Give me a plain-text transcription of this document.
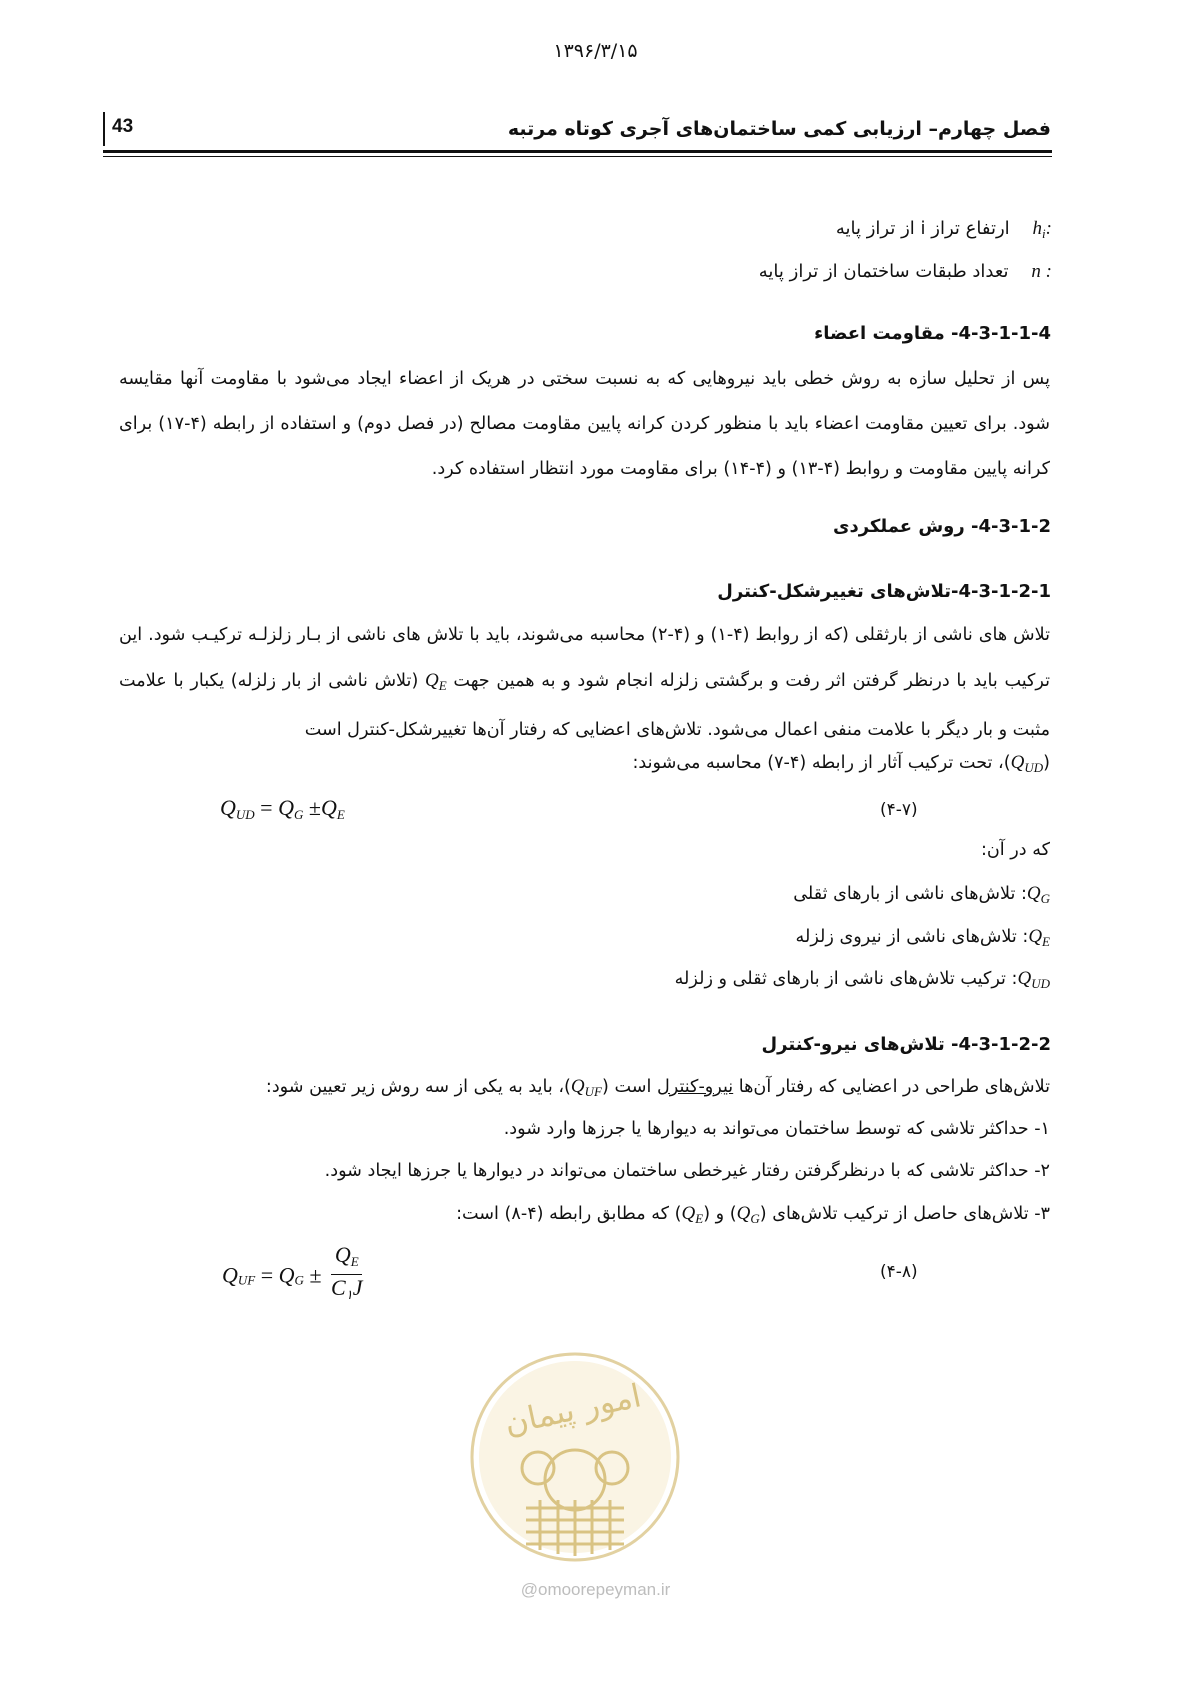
۱۳۹۶/۳/۱۵
43	فصل چهارم– ارزیابی کمی ساختمان‌های آجری کوتاه مرتبه
$h_i$:    ارتفاع تراز i از تراز پایه
n :    تعداد طبقات ساختمان از تراز پایه
4-3-1-1-4- مقاومت اعضاء
پس از تحلیل سازه به روش خطی باید نیروهایی که به نسبت سختی در هریک از اعضاء ایجاد می‌شود با مقاومت آنها مقایسه شود. برای تعیین مقاومت اعضاء باید با منظور کردن کرانه پایین مقاومت مصالح (در فصل دوم) و استفاده از رابطه (۴-۱۷) برای کرانه پایین مقاومت و روابط (۴-۱۳) و (۴-۱۴) برای مقاومت مورد انتظار استفاده کرد.
4-3-1-2- روش عملکردی
4-3-1-2-1-تلاش‌های تغییرشکل-کنترل
تلاش های ناشی از بارثقلی (که از روابط (۴-۱) و (۴-۲) محاسبه می‌شوند، باید با تلاش های ناشی از بـار زلزلـه ترکیـب شود. این ترکیب باید با درنظر گرفتن اثر رفت و برگشتی زلزله انجام شود و به همین جهت $Q_E$ (تلاش ناشی از بار زلزله) یکبار با علامت مثبت و بار دیگر با علامت منفی اعمال می‌شود. تلاش‌های اعضایی که رفتار آن‌ها تغییرشکل-کنترل است
$(Q_{UD})،$ تحت ترکیب آثار از رابطه (۴-۷) محاسبه می‌شوند:
$Q_{UD} = Q_G \pm Q_E$	(۴-۷)
که در آن:
$Q_G$: تلاش‌های ناشی از بارهای ثقلی
$Q_E$: تلاش‌های ناشی از نیروی زلزله
$Q_{UD}$: ترکیب تلاش‌های ناشی از بارهای ثقلی و زلزله
4-3-1-2-2- تلاش‌های نیرو-کنترل
تلاش‌های طراحی در اعضایی که رفتار آن‌ها نیرو-کنترل است $(Q_{UF})،$ باید به یکی از سه روش زیر تعیین شود:
۱- حداکثر تلاشی که توسط ساختمان می‌تواند به دیوارها یا جرزها وارد شود.
۲- حداکثر تلاشی که با درنظرگرفتن رفتار غیرخطی ساختمان می‌تواند در دیوارها یا جرزها ایجاد شود.
۳- تلاش‌های حاصل از ترکیب تلاش‌های $(Q_G)$ و $(Q_E)$ که مطابق رابطه (۴-۸) است:
$Q_{UF} = Q_G \pm \frac{Q_E}{C_۱J}$	(۴-۸)
امور پیمان
@omoorepeyman.ir
